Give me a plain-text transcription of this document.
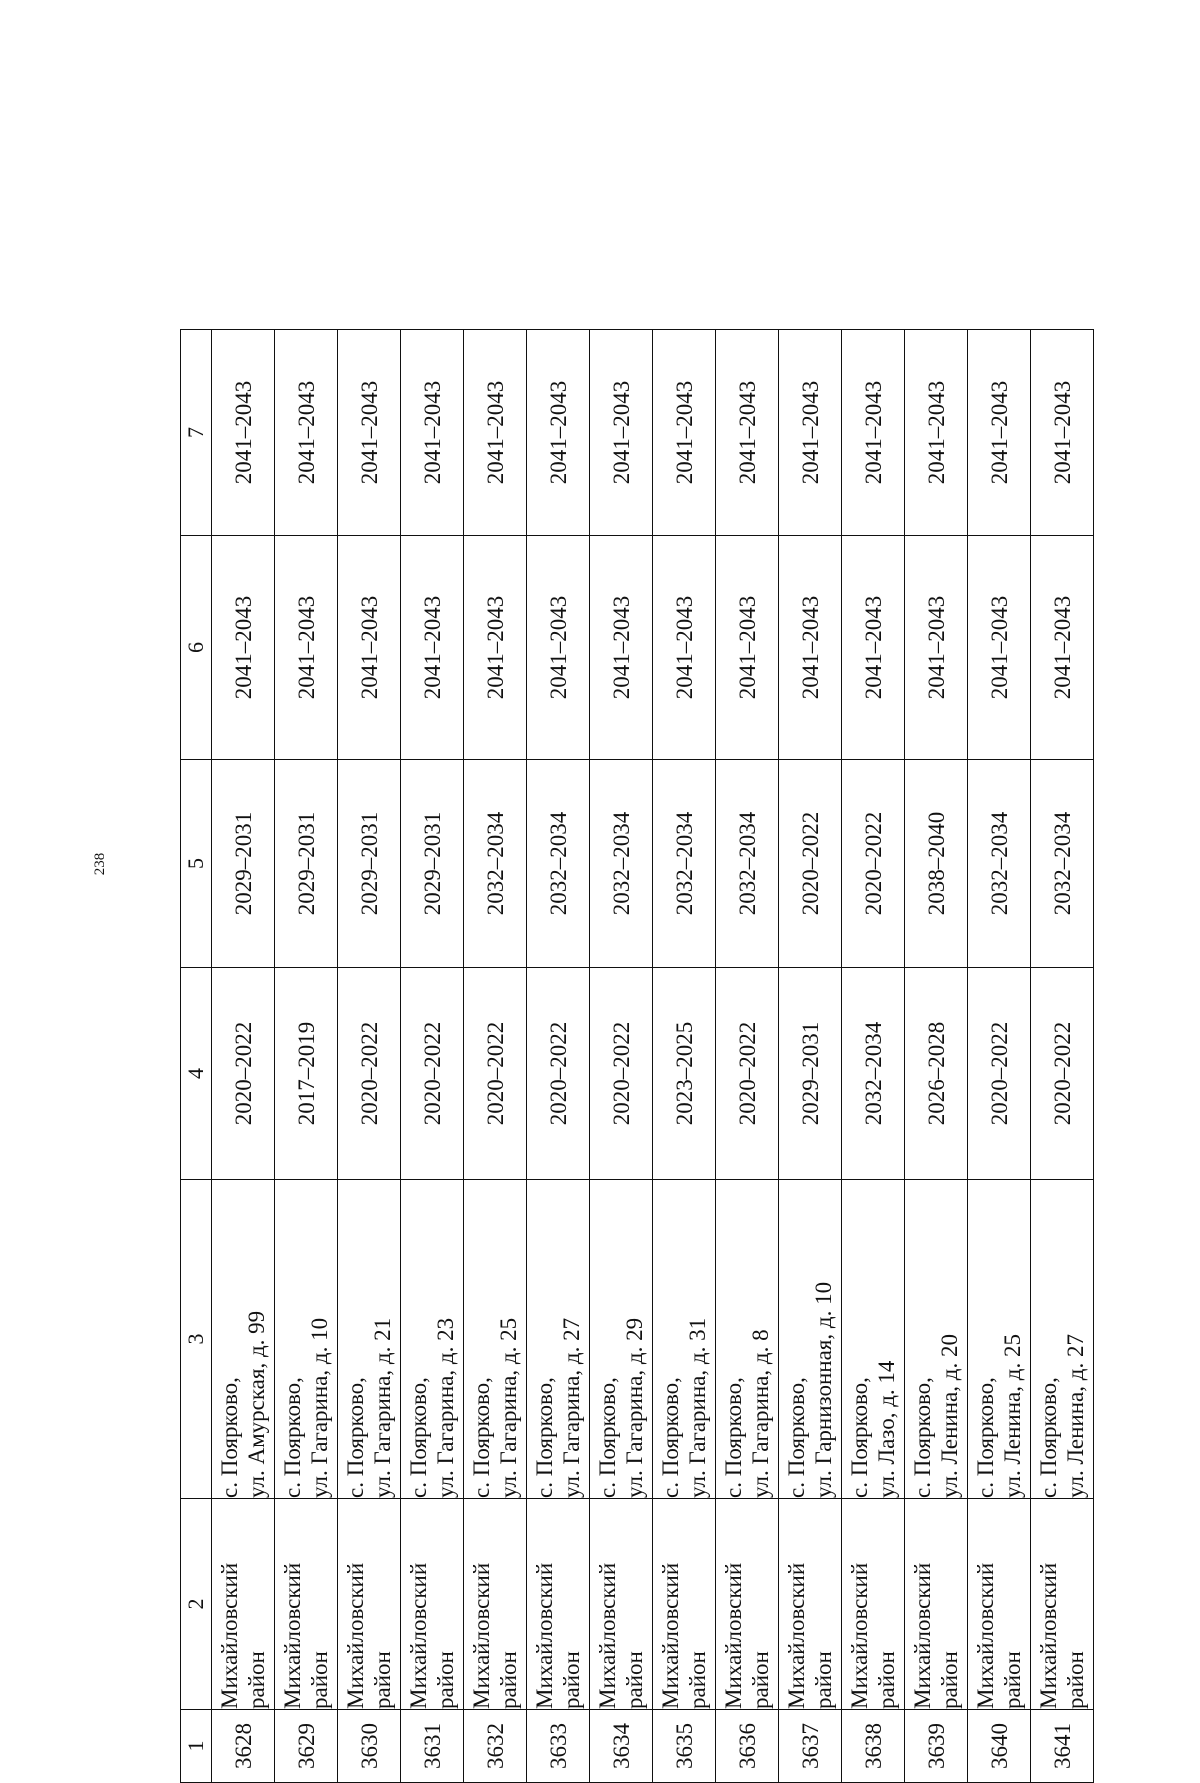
238
1	2	3	4	5	6	7
3628	Михайловский район	с. Поярково, ул. Амурская, д. 99	2020–2022	2029–2031	2041–2043	2041–2043
3629	Михайловский район	с. Поярково, ул. Гагарина, д. 10	2017–2019	2029–2031	2041–2043	2041–2043
3630	Михайловский район	с. Поярково, ул. Гагарина, д. 21	2020–2022	2029–2031	2041–2043	2041–2043
3631	Михайловский район	с. Поярково, ул. Гагарина, д. 23	2020–2022	2029–2031	2041–2043	2041–2043
3632	Михайловский район	с. Поярково, ул. Гагарина, д. 25	2020–2022	2032–2034	2041–2043	2041–2043
3633	Михайловский район	с. Поярково, ул. Гагарина, д. 27	2020–2022	2032–2034	2041–2043	2041–2043
3634	Михайловский район	с. Поярково, ул. Гагарина, д. 29	2020–2022	2032–2034	2041–2043	2041–2043
3635	Михайловский район	с. Поярково, ул. Гагарина, д. 31	2023–2025	2032–2034	2041–2043	2041–2043
3636	Михайловский район	с. Поярково, ул. Гагарина, д. 8	2020–2022	2032–2034	2041–2043	2041–2043
3637	Михайловский район	с. Поярково, ул. Гарнизонная, д. 10	2029–2031	2020–2022	2041–2043	2041–2043
3638	Михайловский район	с. Поярково, ул. Лазо, д. 14	2032–2034	2020–2022	2041–2043	2041–2043
3639	Михайловский район	с. Поярково, ул. Ленина, д. 20	2026–2028	2038–2040	2041–2043	2041–2043
3640	Михайловский район	с. Поярково, ул. Ленина, д. 25	2020–2022	2032–2034	2041–2043	2041–2043
3641	Михайловский район	с. Поярково, ул. Ленина, д. 27	2020–2022	2032–2034	2041–2043	2041–2043
